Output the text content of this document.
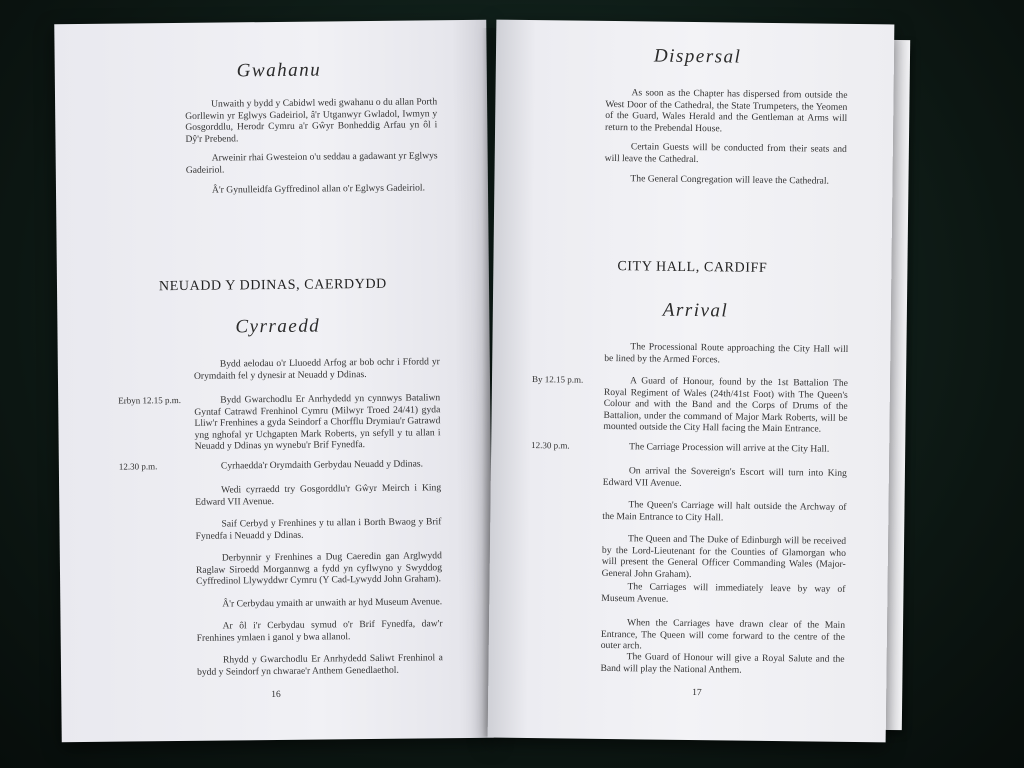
Gwahanu
Unwaith y bydd y Cabidwl wedi gwahanu o du allan Porth Gorllewin yr Eglwys Gadeiriol, â'r Utganwyr Gwladol, Iwmyn y Gosgorddlu, Herodr Cymru a'r Gŵyr Bonheddig Arfau yn ôl i Dŷ'r Prebend.
Arweinir rhai Gwesteion o'u seddau a gadawant yr Eglwys Gadeiriol.
Â'r Gynulleidfa Gyffredinol allan o'r Eglwys Gadeiriol.
NEUADD Y DDINAS, CAERDYDD
Cyrraedd
Bydd aelodau o'r Lluoedd Arfog ar bob ochr i Ffordd yr Orymdaith fel y dynesir at Neuadd y Ddinas.
Erbyn 12.15 p.m.	Bydd Gwarchodlu Er Anrhydedd yn cynnwys Bataliwn Gyntaf Catrawd Frenhinol Cymru (Milwyr Troed 24/41) gyda Lliw'r Frenhines a gyda Seindorf a Chorfflu Drymiau'r Gatrawd yng nghofal yr Uchgapten Mark Roberts, yn sefyll y tu allan i Neuadd y Ddinas yn wynebu'r Brif Fynedfa.
12.30 p.m.	Cyrhaedda'r Orymdaith Gerbydau Neuadd y Ddinas.
Wedi cyrraedd try Gosgorddlu'r Gŵyr Meirch i King Edward VII Avenue.
Saif Cerbyd y Frenhines y tu allan i Borth Bwaog y Brif Fynedfa i Neuadd y Ddinas.
Derbynnir y Frenhines a Dug Caeredin gan Arglwydd Raglaw Siroedd Morgannwg a fydd yn cyflwyno y Swyddog Cyffredinol Llywyddwr Cymru (Y Cad-Lywydd John Graham).
Â'r Cerbydau ymaith ar unwaith ar hyd Museum Avenue.
Ar ôl i'r Cerbydau symud o'r Brif Fynedfa, daw'r Frenhines ymlaen i ganol y bwa allanol.
Rhydd y Gwarchodlu Er Anrhydedd Saliwt Frenhinol a bydd y Seindorf yn chwarae'r Anthem Genedlaethol.
16
Dispersal
As soon as the Chapter has dispersed from outside the West Door of the Cathedral, the State Trumpeters, the Yeomen of the Guard, Wales Herald and the Gentleman at Arms will return to the Prebendal House.
Certain Guests will be conducted from their seats and will leave the Cathedral.
The General Congregation will leave the Cathedral.
CITY HALL, CARDIFF
Arrival
The Processional Route approaching the City Hall will be lined by the Armed Forces.
By 12.15 p.m.	A Guard of Honour, found by the 1st Battalion The Royal Regiment of Wales (24th/41st Foot) with The Queen's Colour and with the Band and the Corps of Drums of the Battalion, under the command of Major Mark Roberts, will be mounted outside the City Hall facing the Main Entrance.
12.30 p.m.	The Carriage Procession will arrive at the City Hall.
On arrival the Sovereign's Escort will turn into King Edward VII Avenue.
The Queen's Carriage will halt outside the Archway of the Main Entrance to City Hall.
The Queen and The Duke of Edinburgh will be received by the Lord-Lieutenant for the Counties of Glamorgan who will present the General Officer Commanding Wales (Major-General John Graham).
The Carriages will immediately leave by way of Museum Avenue.
When the Carriages have drawn clear of the Main Entrance, The Queen will come forward to the centre of the outer arch.
The Guard of Honour will give a Royal Salute and the Band will play the National Anthem.
17
